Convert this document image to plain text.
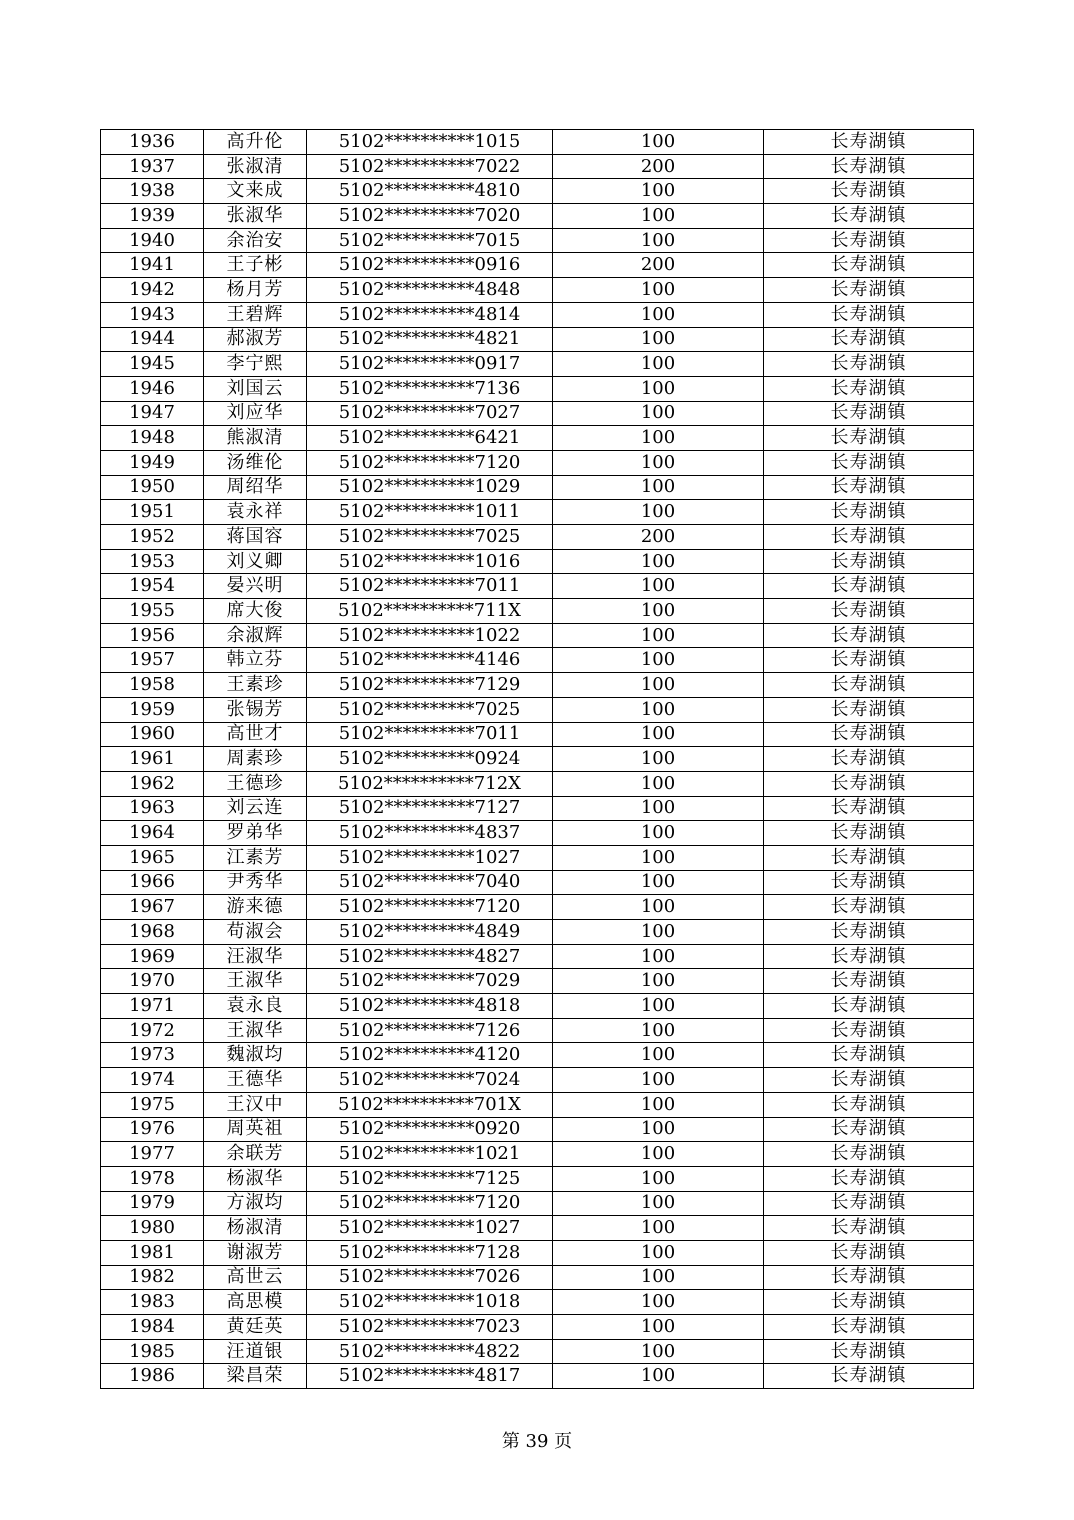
1936	高升伦	5102**********1015	100	长寿湖镇
1937	张淑清	5102**********7022	200	长寿湖镇
1938	文来成	5102**********4810	100	长寿湖镇
1939	张淑华	5102**********7020	100	长寿湖镇
1940	余治安	5102**********7015	100	长寿湖镇
1941	王子彬	5102**********0916	200	长寿湖镇
1942	杨月芳	5102**********4848	100	长寿湖镇
1943	王碧辉	5102**********4814	100	长寿湖镇
1944	郝淑芳	5102**********4821	100	长寿湖镇
1945	李宁熙	5102**********0917	100	长寿湖镇
1946	刘国云	5102**********7136	100	长寿湖镇
1947	刘应华	5102**********7027	100	长寿湖镇
1948	熊淑清	5102**********6421	100	长寿湖镇
1949	汤维伦	5102**********7120	100	长寿湖镇
1950	周绍华	5102**********1029	100	长寿湖镇
1951	袁永祥	5102**********1011	100	长寿湖镇
1952	蒋国容	5102**********7025	200	长寿湖镇
1953	刘义卿	5102**********1016	100	长寿湖镇
1954	晏兴明	5102**********7011	100	长寿湖镇
1955	席大俊	5102**********711X	100	长寿湖镇
1956	余淑辉	5102**********1022	100	长寿湖镇
1957	韩立芬	5102**********4146	100	长寿湖镇
1958	王素珍	5102**********7129	100	长寿湖镇
1959	张锡芳	5102**********7025	100	长寿湖镇
1960	高世才	5102**********7011	100	长寿湖镇
1961	周素珍	5102**********0924	100	长寿湖镇
1962	王德珍	5102**********712X	100	长寿湖镇
1963	刘云连	5102**********7127	100	长寿湖镇
1964	罗弟华	5102**********4837	100	长寿湖镇
1965	江素芳	5102**********1027	100	长寿湖镇
1966	尹秀华	5102**********7040	100	长寿湖镇
1967	游来德	5102**********7120	100	长寿湖镇
1968	苟淑会	5102**********4849	100	长寿湖镇
1969	汪淑华	5102**********4827	100	长寿湖镇
1970	王淑华	5102**********7029	100	长寿湖镇
1971	袁永良	5102**********4818	100	长寿湖镇
1972	王淑华	5102**********7126	100	长寿湖镇
1973	魏淑均	5102**********4120	100	长寿湖镇
1974	王德华	5102**********7024	100	长寿湖镇
1975	王汉中	5102**********701X	100	长寿湖镇
1976	周英祖	5102**********0920	100	长寿湖镇
1977	余联芳	5102**********1021	100	长寿湖镇
1978	杨淑华	5102**********7125	100	长寿湖镇
1979	方淑均	5102**********7120	100	长寿湖镇
1980	杨淑清	5102**********1027	100	长寿湖镇
1981	谢淑芳	5102**********7128	100	长寿湖镇
1982	高世云	5102**********7026	100	长寿湖镇
1983	高思模	5102**********1018	100	长寿湖镇
1984	黄廷英	5102**********7023	100	长寿湖镇
1985	汪道银	5102**********4822	100	长寿湖镇
1986	梁昌荣	5102**********4817	100	长寿湖镇
第 39 页
